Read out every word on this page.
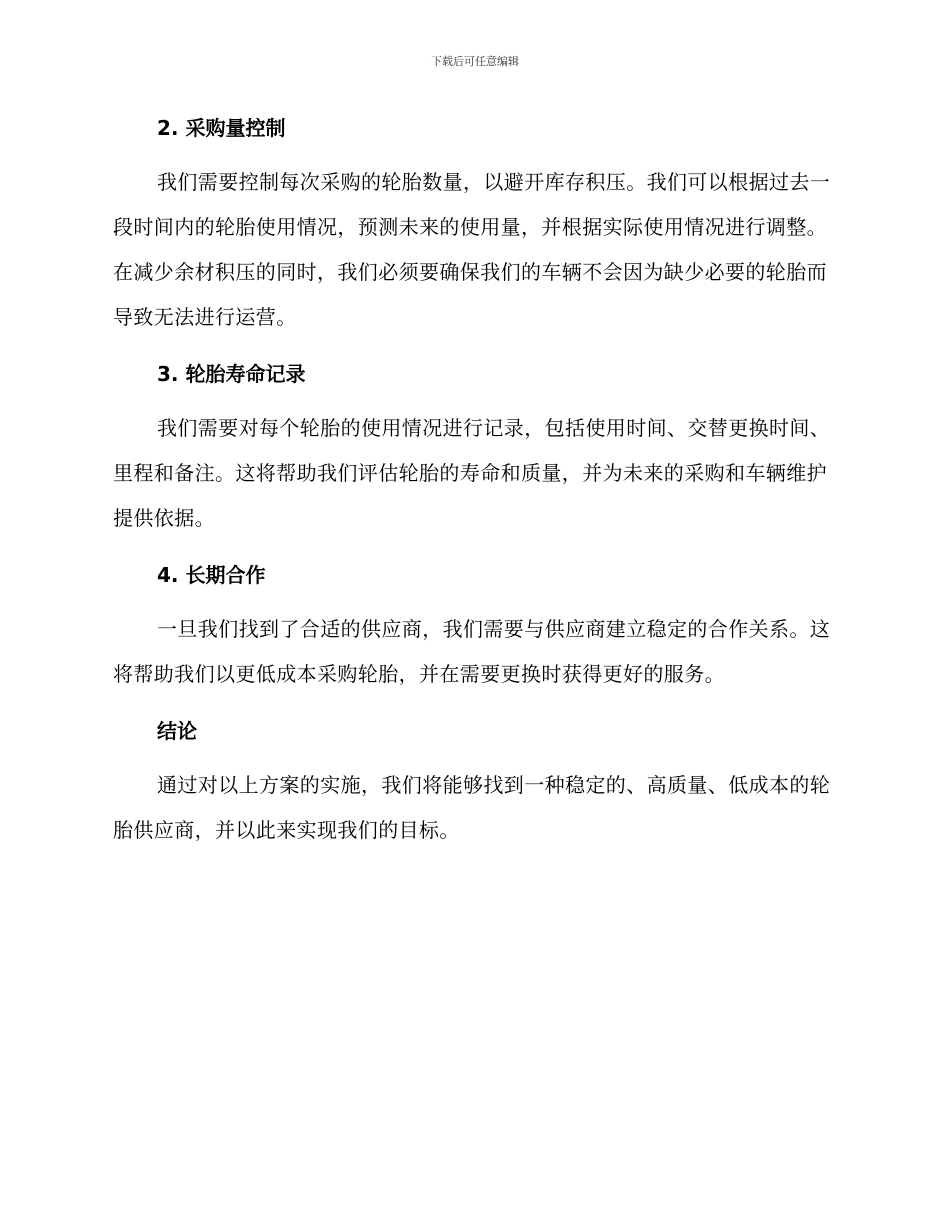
下载后可任意编辑
2. 采购量控制

我们需要控制每次采购的轮胎数量，以避开库存积压。我们可以根据过去一段时间内的轮胎使用情况，预测未来的使用量，并根据实际使用情况进行调整。在减少余材积压的同时，我们必须要确保我们的车辆不会因为缺少必要的轮胎而导致无法进行运营。

3. 轮胎寿命记录

我们需要对每个轮胎的使用情况进行记录，包括使用时间、交替更换时间、里程和备注。这将帮助我们评估轮胎的寿命和质量，并为未来的采购和车辆维护提供依据。

4. 长期合作

一旦我们找到了合适的供应商，我们需要与供应商建立稳定的合作关系。这将帮助我们以更低成本采购轮胎，并在需要更换时获得更好的服务。

结论

通过对以上方案的实施，我们将能够找到一种稳定的、高质量、低成本的轮胎供应商，并以此来实现我们的目标。
